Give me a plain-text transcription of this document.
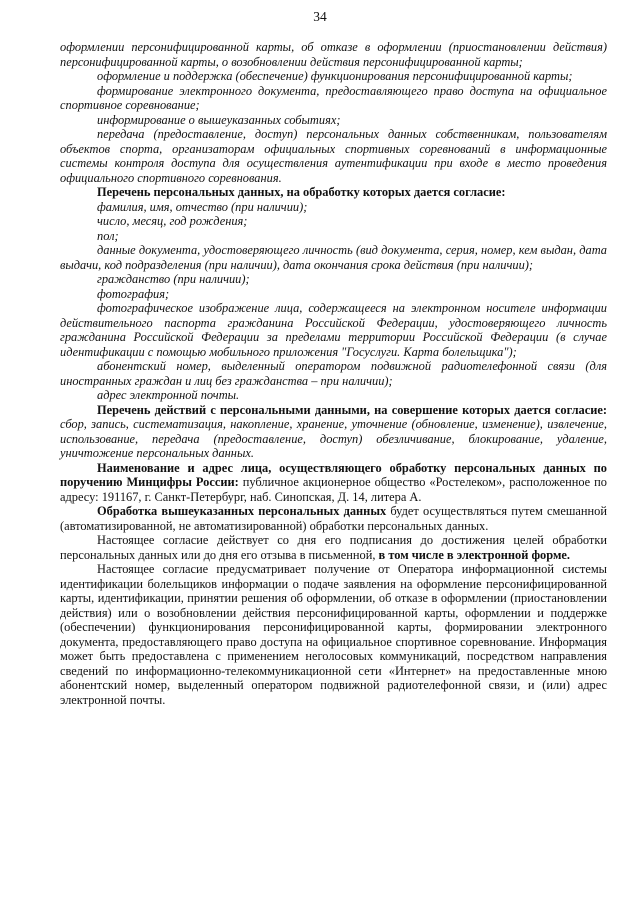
34

оформлении персонифицированной карты, об отказе в оформлении (приостановлении действия) персонифицированной карты, о возобновлении действия персонифицированной карты;

оформление и поддержка (обеспечение) функционирования персонифицированной карты;

формирование электронного документа, предоставляющего право доступа на официальное спортивное соревнование;

информирование о вышеуказанных событиях;

передача (предоставление, доступ) персональных данных собственникам, пользователям объектов спорта, организаторам официальных спортивных соревнований в информационные системы контроля доступа для осуществления аутентификации при входе в место проведения официального спортивного соревнования.

Перечень персональных данных, на обработку которых дается согласие:

фамилия, имя, отчество (при наличии);

число, месяц, год рождения;

пол;

данные документа, удостоверяющего личность (вид документа, серия, номер, кем выдан, дата выдачи, код подразделения (при наличии), дата окончания срока действия (при наличии);

гражданство (при наличии);

фотография;

фотографическое изображение лица, содержащееся на электронном носителе информации действительного паспорта гражданина Российской Федерации, удостоверяющего личность гражданина Российской Федерации за пределами территории Российской Федерации (в случае идентификации с помощью мобильного приложения "Госуслуги. Карта болельщика");

абонентский номер, выделенный оператором подвижной радиотелефонной связи (для иностранных граждан и лиц без гражданства – при наличии);

адрес электронной почты.

Перечень действий с персональными данными, на совершение которых дается согласие: сбор, запись, систематизация, накопление, хранение, уточнение (обновление, изменение), извлечение, использование, передача (предоставление, доступ) обезличивание, блокирование, удаление, уничтожение персональных данных.

Наименование и адрес лица, осуществляющего обработку персональных данных по поручению Минцифры России: публичное акционерное общество «Ростелеком», расположенное по адресу: 191167, г. Санкт-Петербург, наб. Синопская, Д. 14, литера А.

Обработка вышеуказанных персональных данных будет осуществляться путем смешанной (автоматизированной, не автоматизированной) обработки персональных данных.

Настоящее согласие действует со дня его подписания до достижения целей обработки персональных данных или до дня его отзыва в письменной, в том числе в электронной форме.

Настоящее согласие предусматривает получение от Оператора информационной системы идентификации болельщиков информации о подаче заявления на оформление персонифицированной карты, идентификации, принятии решения об оформлении, об отказе в оформлении (приостановлении действия) или о возобновлении действия персонифицированной карты, оформлении и поддержке (обеспечении) функционирования персонифицированной карты, формировании электронного документа, предоставляющего право доступа на официальное спортивное соревнование. Информация может быть предоставлена с применением неголосовых коммуникаций, посредством направления сведений по информационно-телекоммуникационной сети «Интернет» на предоставленные мною абонентский номер, выделенный оператором подвижной радиотелефонной связи, и (или) адрес электронной почты.
